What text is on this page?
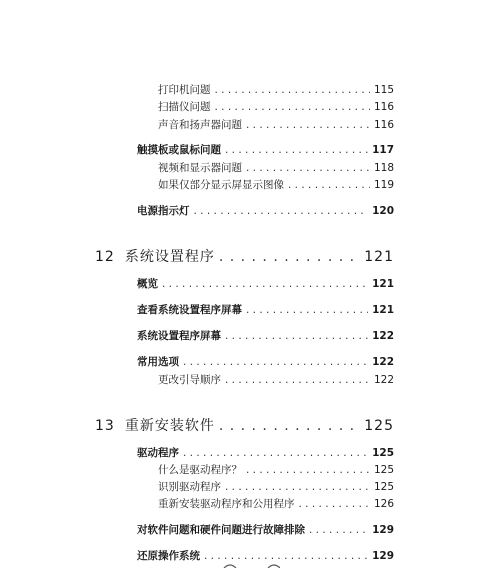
打印机问题 . . .	115
扫描仪问题 . . .	116
声音和扬声器问题 . . .	116
触摸板或鼠标问题 . . .	117
视频和显示器问题 . . .	118
如果仅部分显示屏显示图像 . . .	119
电源指示灯 . . .	120
12 系统设置程序 . . .	121
概览 . . .	121
查看系统设置程序屏幕 . . .	121
系统设置程序屏幕 . . .	122
常用选项 . . .	122
更改引导顺序 . . .	122
13 重新安装软件 . . .	125
驱动程序 . . .	125
什么是驱动程序？ . . .	125
识别驱动程序 . . .	125
重新安装驱动程序和公用程序 . . .	126
对软件问题和硬件问题进行故障排除 . . .	129
还原操作系统 . . .	129
